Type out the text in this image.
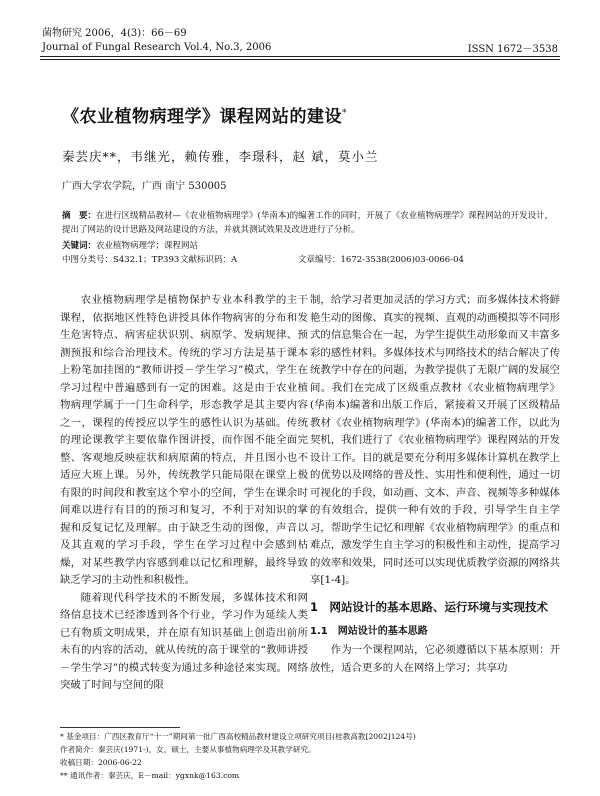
菌物研究 2006，4(3)：66－69
Journal of Fungal Research Vol.4, No.3, 2006	ISSN 1672－3538
《农业植物病理学》课程网站的建设*
秦芸庆**，韦继光，赖传雅，李璟科，赵 斌，莫小兰
广西大学农学院，广西 南宁 530005
摘　要：在进行区级精品教材—《农业植物病理学》(华南本)的编著工作的同时，开展了《农业植物病理学》课程网站的开发设计，提出了网站的设计思路及网站建设的方法，并就其测试效果及改进进行了分析。
关键词：农业植物病理学；课程网站
中图分类号：S432.1；TP393 文献标识码：A	文章编号：1672-3538(2006)03-0066-04

农业植物病理学是植物保护专业本科教学的主干课程，依据地区性特色讲授具体作物病害的分布和发生危害特点、病害症状识别、病原学、发病规律、预测预报和综合治理技术。传统的学习方法是基于课本上粉笔加挂图的“教师讲授－学生学习”模式，学生在学习过程中普遍感到有一定的困难。这是由于农业植物病理学属于一门生命科学，形态教学是其主要内容之一，课程的传授应以学生的感性认识为基础。传统的理论课教学主要依靠作图讲授，而作图不能全面完整、客观地反映症状和病原菌的特点，并且图小也不适应大班上课。另外，传统教学只能局限在课堂上极有限的时间段和教室这个窄小的空间，学生在课余时间难以进行有目的的预习和复习，不利于对知识的掌握和反复记忆及理解。由于缺乏生动的图像，声音以及其直观的学习手段，学生在学习过程中会感到枯燥，对某些教学内容感到难以记忆和理解，最终导致缺乏学习的主动性和积极性。

随着现代科学技术的不断发展，多媒体技术和网络信息技术已经渗透到各个行业，学习作为延续人类已有物质文明成果，并在原有知识基础上创造出前所未有的内容的活动，就从传统的高于课堂的“教师讲授－学生学习”的模式转变为通过多种途径来实现。网络突破了时间与空间的限

制，给学习者更加灵活的学习方式；而多媒体技术将鲜艳生动的图像、真实的视频、直观的动画模拟等不同形式的信息集合在一起，为学生提供生动形象而又丰富多彩的感性材料。多媒体技术与网络技术的结合解决了传统教学中存在的问题，为教学提供了无限广阔的发展空间。我们在完成了区级重点教材《农业植物病理学》(华南本)编著和出版工作后，紧接着又开展了区级精品教材《农业植物病理学》(华南本)的编著工作，以此为契机，我们进行了《农业植物病理学》课程网站的开发设计工作。目的就是要充分利用多媒体计算机在教学上的优势以及网络的普及性、实用性和便利性，通过一切可视化的手段，如动画、文本、声音、视频等多种媒体的有效组合，提供一种有效的手段，引导学生自主学习，帮助学生记忆和理解《农业植物病理学》的重点和难点，激发学生自主学习的积极性和主动性，提高学习的效率和效果，同时还可以实现优质教学资源的网络共享[1-4]。

1　网站设计的基本思路、运行环境与实现技术
1.1　网站设计的基本思路

作为一个课程网站，它必须遵循以下基本原则：开放性，适合更多的人在网络上学习；共享功

* 基金项目：广西区教育厅“十一”期间第一批广西高校精品教材建设立项研究项目(桂教高教[2002]124号)
作者简介：秦芸庆(1971-)，女，硕士，主要从事植物病理学及其教学研究。
收稿日期：2006-06-22
** 通讯作者：秦芸庆，E－mail：ygxnk@163.com
